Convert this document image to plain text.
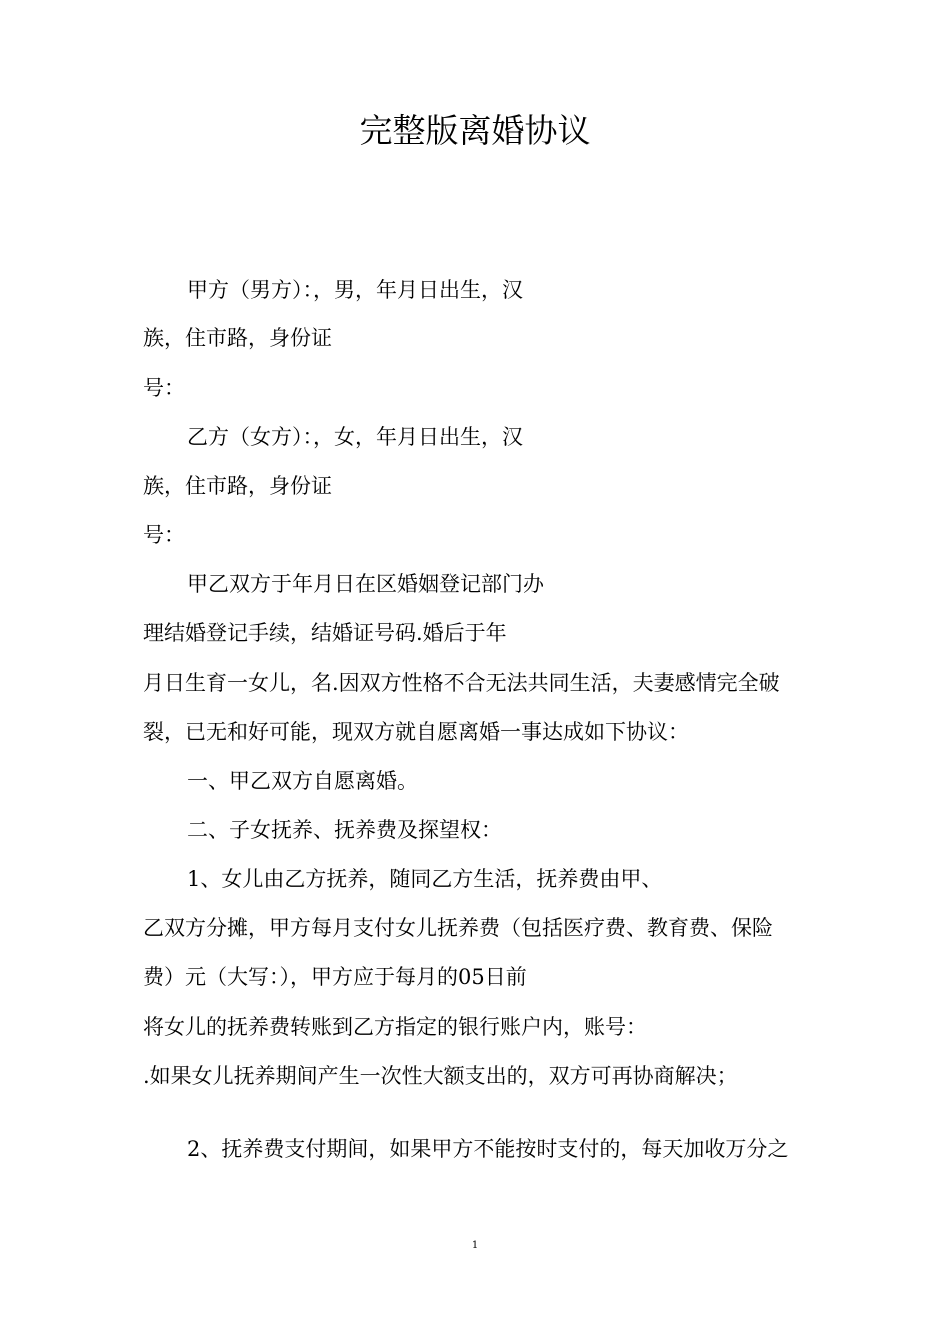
完整版离婚协议
甲方（男方）：，男，年月日出生，汉
族，住市路，身份证
号：
乙方（女方）：，女，年月日出生，汉
族，住市路，身份证
号：
甲乙双方于年月日在区婚姻登记部门办
理结婚登记手续，结婚证号码.婚后于年
月日生育一女儿，名.因双方性格不合无法共同生活，夫妻感情完全破
裂，已无和好可能，现双方就自愿离婚一事达成如下协议：
一、甲乙双方自愿离婚。
二、子女抚养、抚养费及探望权：
1、女儿由乙方抚养，随同乙方生活，抚养费由甲、
乙双方分摊，甲方每月支付女儿抚养费（包括医疗费、教育费、保险
费）元（大写：），甲方应于每月的05日前
将女儿的抚养费转账到乙方指定的银行账户内，账号：
.如果女儿抚养期间产生一次性大额支出的，双方可再协商解决；
2、抚养费支付期间，如果甲方不能按时支付的，每天加收万分之
1
